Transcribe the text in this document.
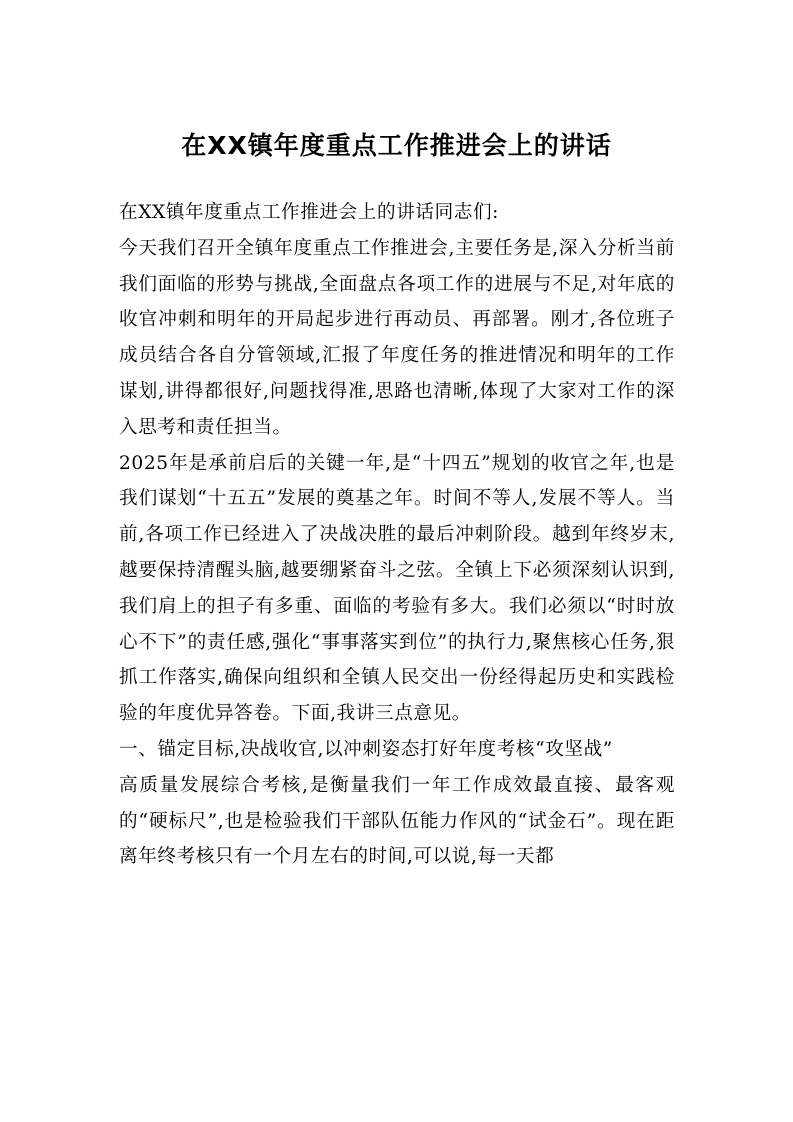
在XX镇年度重点工作推进会上的讲话

在XX镇年度重点工作推进会上的讲话同志们:

今天我们召开全镇年度重点工作推进会,主要任务是,深入分析当前我们面临的形势与挑战,全面盘点各项工作的进展与不足,对年底的收官冲刺和明年的开局起步进行再动员、再部署。刚才,各位班子成员结合各自分管领域,汇报了年度任务的推进情况和明年的工作谋划,讲得都很好,问题找得准,思路也清晰,体现了大家对工作的深入思考和责任担当。

2025年是承前启后的关键一年,是“十四五”规划的收官之年,也是我们谋划“十五五”发展的奠基之年。时间不等人,发展不等人。当前,各项工作已经进入了决战决胜的最后冲刺阶段。越到年终岁末,越要保持清醒头脑,越要绷紧奋斗之弦。全镇上下必须深刻认识到,我们肩上的担子有多重、面临的考验有多大。我们必须以“时时放心不下”的责任感,强化“事事落实到位”的执行力,聚焦核心任务,狠抓工作落实,确保向组织和全镇人民交出一份经得起历史和实践检验的年度优异答卷。下面,我讲三点意见。

一、锚定目标,决战收官,以冲刺姿态打好年度考核“攻坚战”

高质量发展综合考核,是衡量我们一年工作成效最直接、最客观的“硬标尺”,也是检验我们干部队伍能力作风的“试金石”。现在距离年终考核只有一个月左右的时间,可以说,每一天都
